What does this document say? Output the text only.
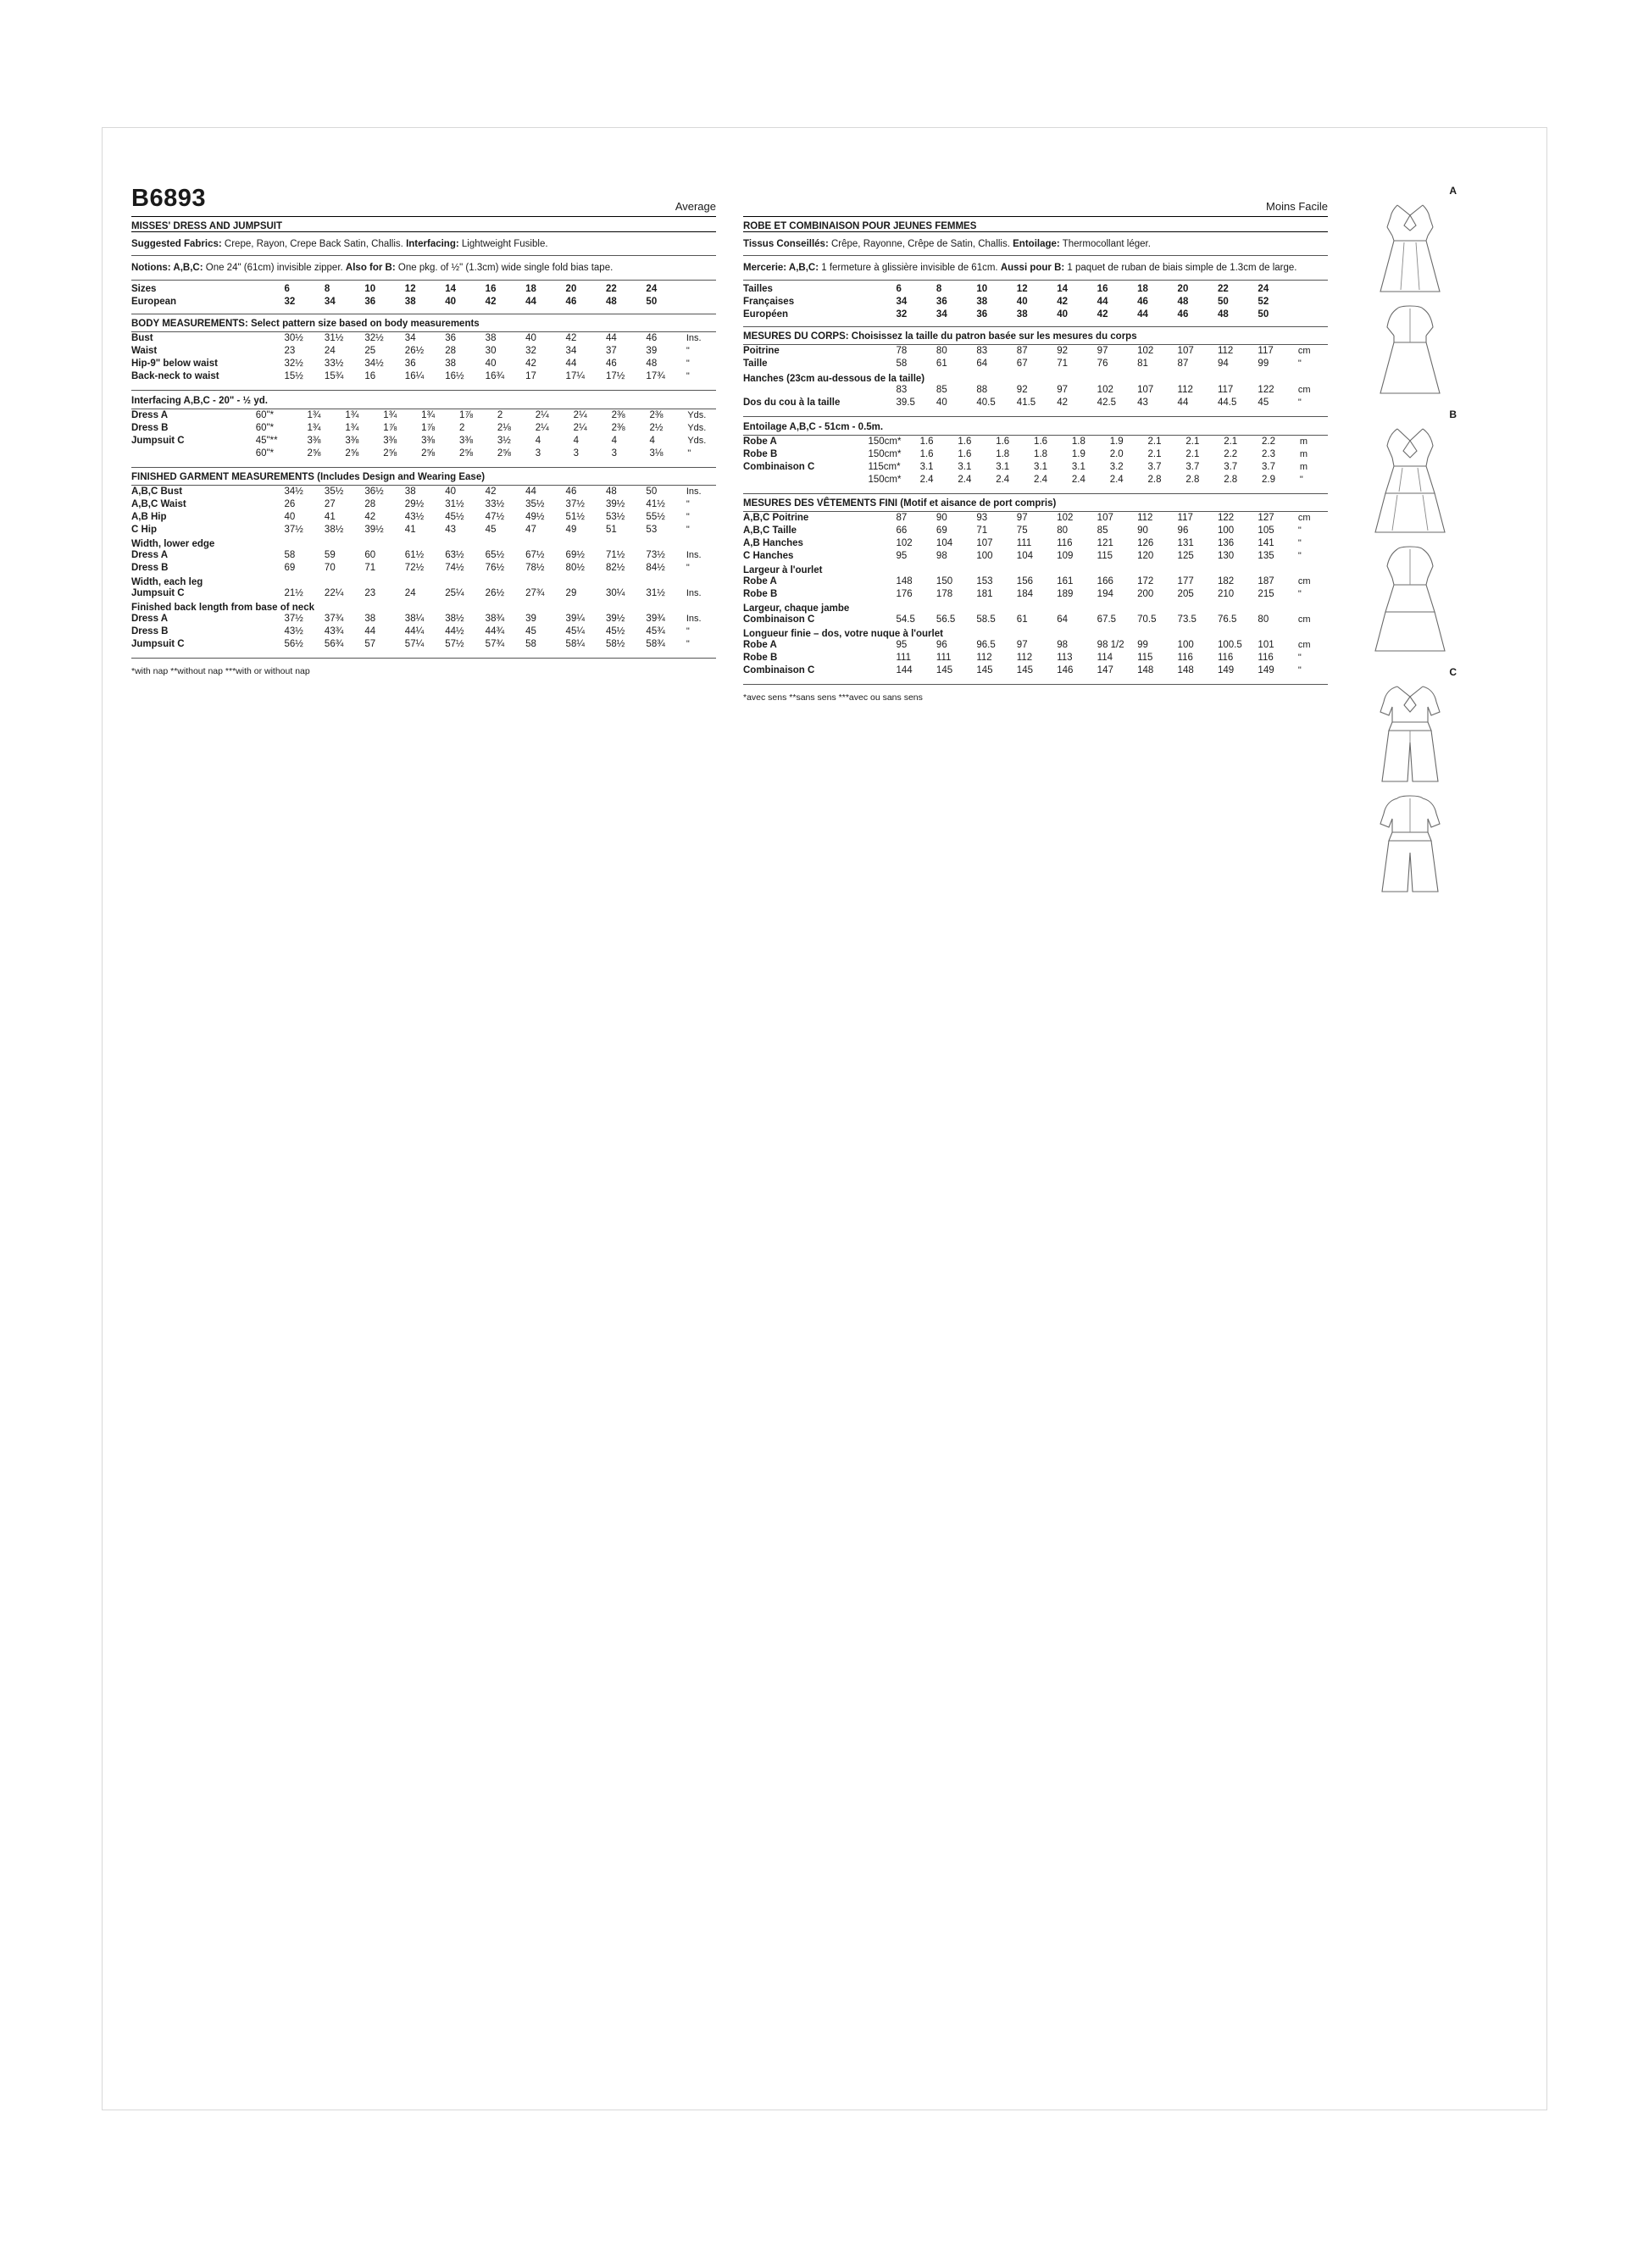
B6893	Average
MISSES' DRESS AND JUMPSUIT
Suggested Fabrics: Crepe, Rayon, Crepe Back Satin, Challis. Interfacing: Lightweight Fusible.
Notions: A,B,C: One 24" (61cm) invisible zipper. Also for B: One pkg. of ½" (1.3cm) wide single fold bias tape.
Sizes	6	8	10	12	14	16	18	20	22	24	
European	32	34	36	38	40	42	44	46	48	50	
BODY MEASUREMENTS: Select pattern size based on body measurements
Bust	30½	31½	32½	34	36	38	40	42	44	46	Ins.
Waist	23	24	25	26½	28	30	32	34	37	39	"
Hip-9" below waist	32½	33½	34½	36	38	40	42	44	46	48	"
Back-neck to waist	15½	15¾	16	16¼	16½	16¾	17	17¼	17½	17¾	"
Interfacing A,B,C - 20" - ½ yd.
Dress A	60"*	1¾	1¾	1¾	1¾	1⅞	2	2¼	2¼	2⅜	2⅜	Yds.
Dress B	60"*	1¾	1¾	1⅞	1⅞	2	2⅛	2¼	2¼	2⅜	2½	Yds.
Jumpsuit C	45"**	3⅜	3⅜	3⅜	3⅜	3⅜	3½	4	4	4	4	Yds.
	60"*	2⅝	2⅝	2⅝	2⅝	2⅝	2⅝	3	3	3	3⅛	"
FINISHED GARMENT MEASUREMENTS (Includes Design and Wearing Ease)
A,B,C Bust	34½	35½	36½	38	40	42	44	46	48	50	Ins.
A,B,C Waist	26	27	28	29½	31½	33½	35½	37½	39½	41½	"
A,B Hip	40	41	42	43½	45½	47½	49½	51½	53½	55½	"
C Hip	37½	38½	39½	41	43	45	47	49	51	53	"
Width, lower edge
Dress A	58	59	60	61½	63½	65½	67½	69½	71½	73½	Ins.
Dress B	69	70	71	72½	74½	76½	78½	80½	82½	84½	"
Width, each leg
Jumpsuit C	21½	22¼	23	24	25¼	26½	27¾	29	30¼	31½	Ins.
Finished back length from base of neck
Dress A	37½	37¾	38	38¼	38½	38¾	39	39¼	39½	39¾	Ins.
Dress B	43½	43¾	44	44¼	44½	44¾	45	45¼	45½	45¾	"
Jumpsuit C	56½	56¾	57	57¼	57½	57¾	58	58¼	58½	58¾	"
*with nap **without nap ***with or without nap
Moins Facile
ROBE ET COMBINAISON POUR JEUNES FEMMES
Tissus Conseillés: Crêpe, Rayonne, Crêpe de Satin, Challis. Entoilage: Thermocollant léger.
Mercerie: A,B,C: 1 fermeture à glissière invisible de 61cm. Aussi pour B: 1 paquet de ruban de biais simple de 1.3cm de large.
Tailles	6	8	10	12	14	16	18	20	22	24	
Françaises	34	36	38	40	42	44	46	48	50	52	
Européen	32	34	36	38	40	42	44	46	48	50	
MESURES DU CORPS: Choisissez la taille du patron basée sur les mesures du corps
Poitrine	78	80	83	87	92	97	102	107	112	117	cm
Taille	58	61	64	67	71	76	81	87	94	99	"
Hanches (23cm au-dessous de la taille)
	83	85	88	92	97	102	107	112	117	122	cm
Dos du cou à la taille	39.5	40	40.5	41.5	42	42.5	43	44	44.5	45	"
Entoilage A,B,C - 51cm - 0.5m.
Robe A	150cm*	1.6	1.6	1.6	1.6	1.8	1.9	2.1	2.1	2.1	2.2	m
Robe B	150cm*	1.6	1.6	1.8	1.8	1.9	2.0	2.1	2.1	2.2	2.3	m
Combinaison C	115cm*	3.1	3.1	3.1	3.1	3.1	3.2	3.7	3.7	3.7	3.7	m
	150cm*	2.4	2.4	2.4	2.4	2.4	2.4	2.8	2.8	2.8	2.9	"
MESURES DES VÊTEMENTS FINI (Motif et aisance de port compris)
A,B,C Poitrine	87	90	93	97	102	107	112	117	122	127	cm
A,B,C Taille	66	69	71	75	80	85	90	96	100	105	"
A,B Hanches	102	104	107	111	116	121	126	131	136	141	"
C Hanches	95	98	100	104	109	115	120	125	130	135	"
Largeur à l'ourlet
Robe A	148	150	153	156	161	166	172	177	182	187	cm
Robe B	176	178	181	184	189	194	200	205	210	215	"
Largeur, chaque jambe
Combinaison C	54.5	56.5	58.5	61	64	67.5	70.5	73.5	76.5	80	cm
Longueur finie – dos, votre nuque à l'ourlet
Robe A	95	96	96.5	97	98	98 1/2	99	100	100.5	101	cm
Robe B	111	111	112	112	113	114	115	116	116	116	"
Combinaison C	144	145	145	145	146	147	148	148	149	149	"
*avec sens **sans sens ***avec ou sans sens
A
B
C
